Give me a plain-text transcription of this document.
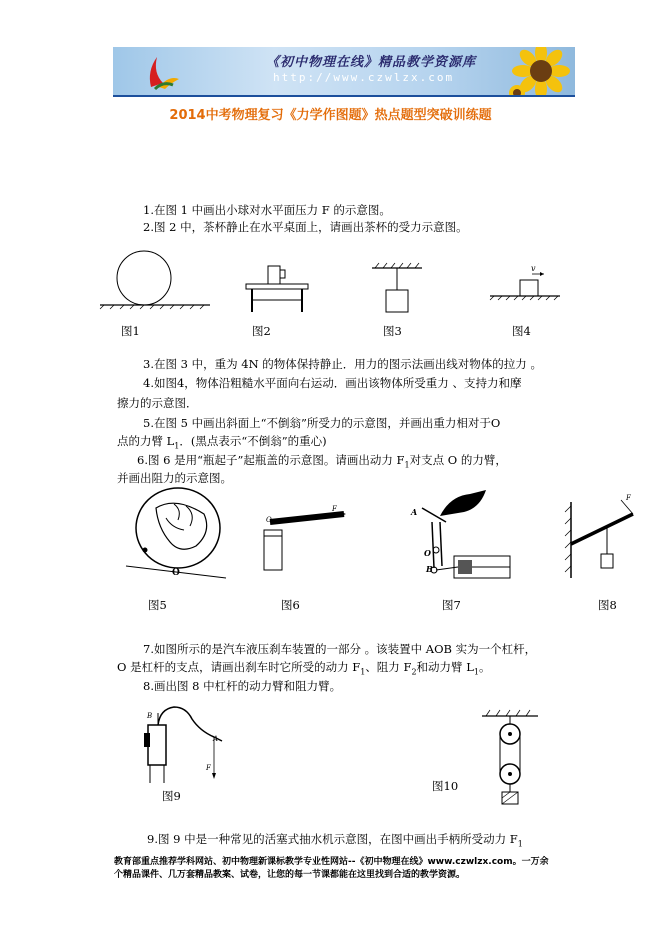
《初中物理在线》精品教学资源库
http://www.czwlzx.com
2014中考物理复习《力学作图题》热点题型突破训练题
1.在图 1 中画出小球对水平面压力 F 的示意图。
2.图 2 中，茶杯静止在水平桌面上，请画出茶杯的受力示意图。
v
图1	图2	图3	图4
3.在图 3 中，重为 4N 的物体保持静止．用力的图示法画出线对物体的拉力 。
4.如图4，物体沿粗糙水平面向右运动．画出该物体所受重力 、支持力和摩
擦力的示意图．
5.在图 5 中画出斜面上“不倒翁”所受力的示意图，并画出重力相对于O
点的力臂 $L_1$．(黑点表示“不倒翁”的重心)
6.图 6 是用“瓶起子”起瓶盖的示意图。请画出动力 $F_1$对支点 O 的力臂，
并画出阻力的示意图。
O
O
F	A
O
B
F
图5	图6	图7	图8
7.如图所示的是汽车液压刹车装置的一部分 。该装置中 AOB 实为一个杠杆，
O 是杠杆的支点，请画出刹车时它所受的动力 $F_1$、阻力 $F_2$和动力臂 $L_1$。
8.画出图 8 中杠杆的动力臂和阻力臂。
B
A
F
图9
图10
9.图 9 中是一种常见的活塞式抽水机示意图，在图中画出手柄所受动力 $F_1$
教育部重点推荐学科网站、初中物理新课标教学专业性网站--《初中物理在线》www.czwlzx.com。一万余
个精品课件、几万套精品教案、试卷，让您的每一节课都能在这里找到合适的教学资源。
